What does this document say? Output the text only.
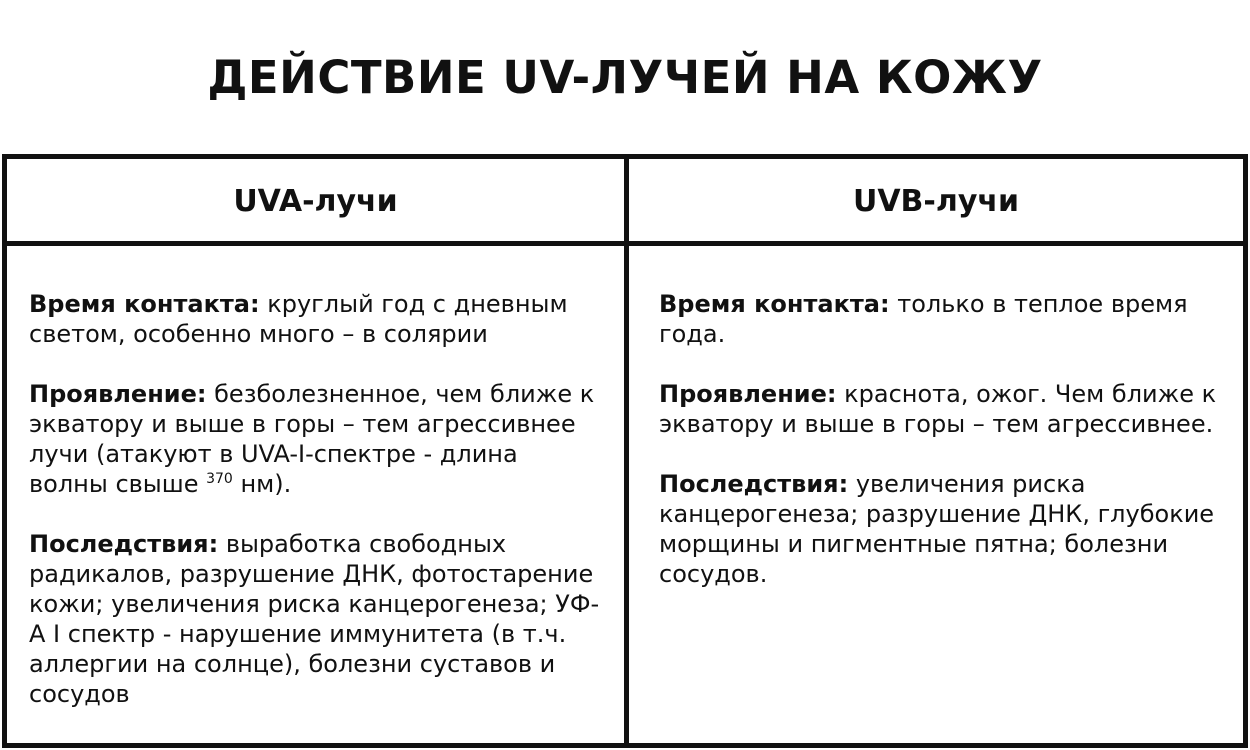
ДЕЙСТВИЕ UV-ЛУЧЕЙ НА КОЖУ
UVA-лучи	UVB-лучи

Время контакта: круглый год с дневным светом, особенно много – в солярии

Проявление: безболезненное, чем ближе к экватору и выше в горы – тем агрессивнее лучи (атакуют в UVA-I-спектре - длина волны свыше $^{370}$ нм).

Последствия: выработка свободных радикалов, разрушение ДНК, фотостарение кожи; увеличения риска канцерогенеза; УФ-А I спектр - нарушение иммунитета (в т.ч. аллергии на солнце), болезни суставов и сосудов

Время контакта: только в теплое время года.

Проявление: краснота, ожог. Чем ближе к экватору и выше в горы – тем агрессивнее.

Последствия: увеличения риска канцерогенеза; разрушение ДНК, глубокие морщины и пигментные пятна; болезни сосудов.
